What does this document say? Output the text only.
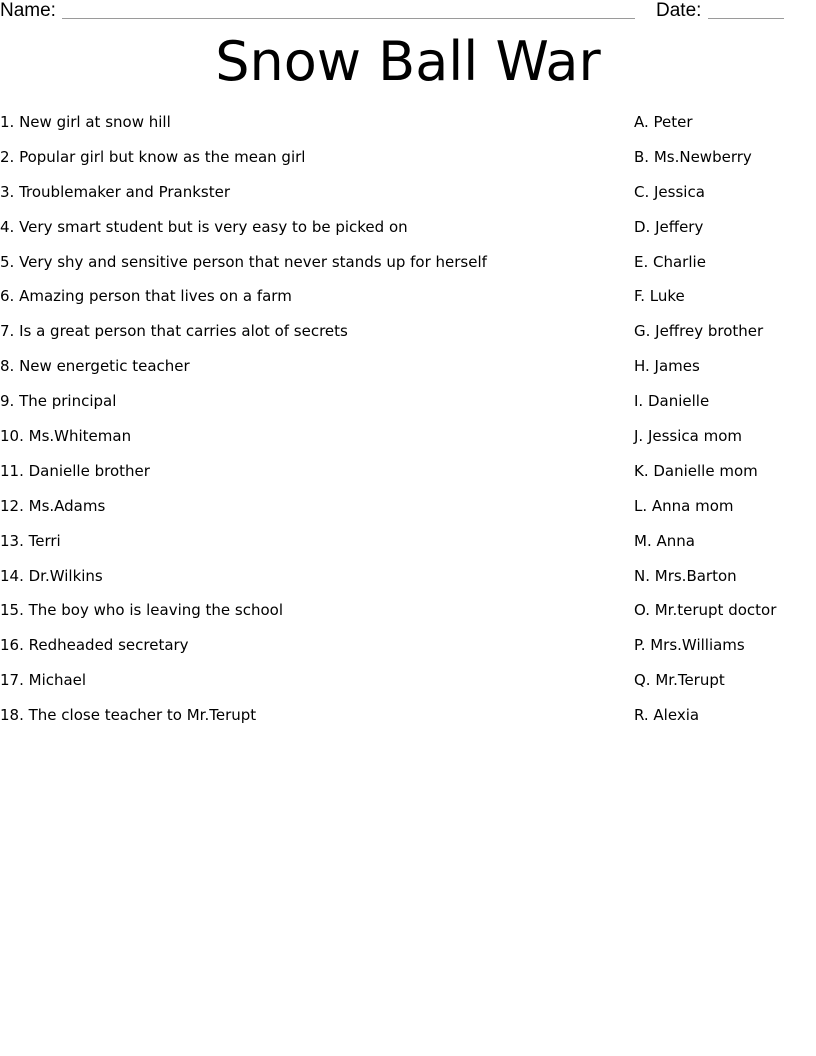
Name:	Date:
Snow Ball War
1. New girl at snow hill
2. Popular girl but know as the mean girl
3. Troublemaker and Prankster
4. Very smart student but is very easy to be picked on
5. Very shy and sensitive person that never stands up for herself
6. Amazing person that lives on a farm
7. Is a great person that carries alot of secrets
8. New energetic teacher
9. The principal
10. Ms.Whiteman
11. Danielle brother
12. Ms.Adams
13. Terri
14. Dr.Wilkins
15. The boy who is leaving the school
16. Redheaded secretary
17. Michael
18. The close teacher to Mr.Terupt
A. Peter
B. Ms.Newberry
C. Jessica
D. Jeffery
E. Charlie
F. Luke
G. Jeffrey brother
H. James
I. Danielle
J. Jessica mom
K. Danielle mom
L. Anna mom
M. Anna
N. Mrs.Barton
O. Mr.terupt doctor
P. Mrs.Williams
Q. Mr.Terupt
R. Alexia
